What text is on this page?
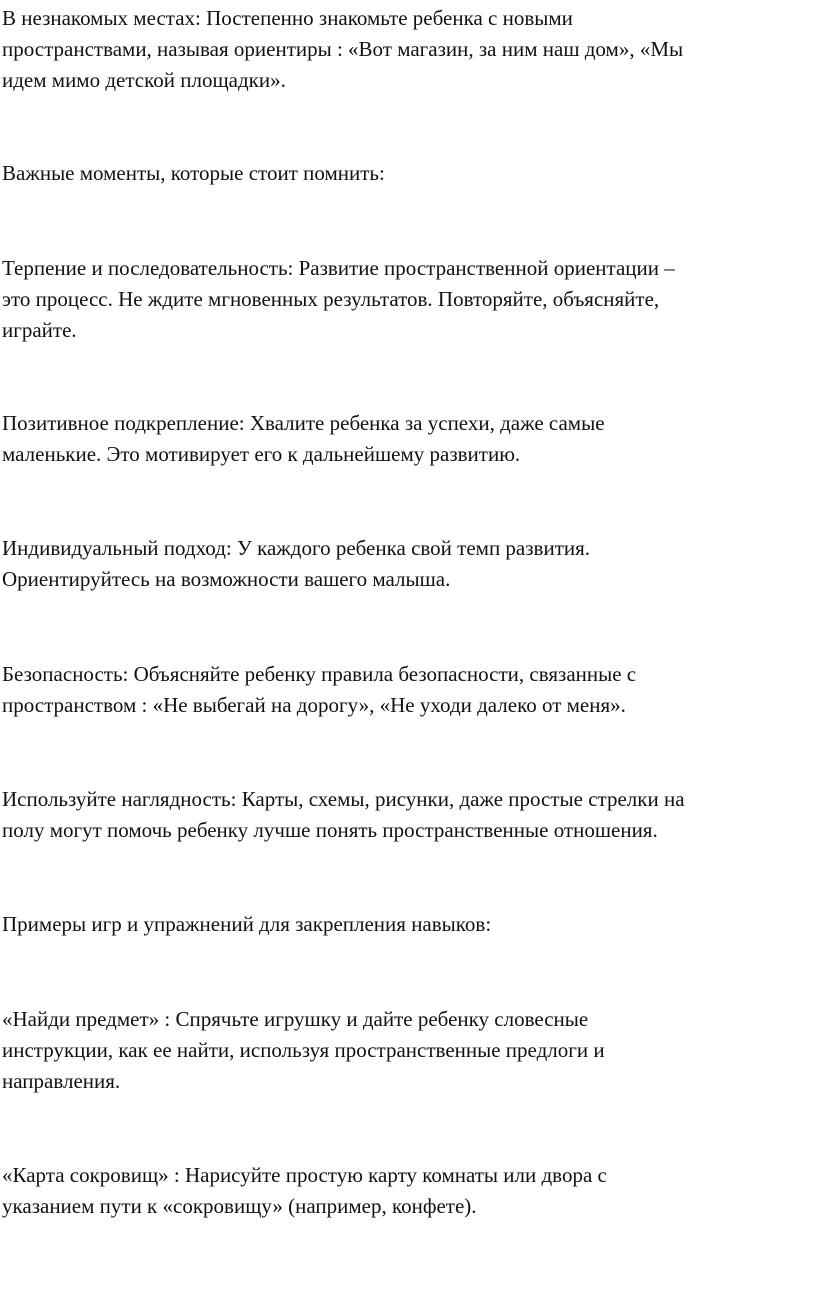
В незнакомых местах: Постепенно знакомьте ребенка с новыми
пространствами, называя ориентиры : «Вот магазин, за ним наш дом», «Мы
идем мимо детской площадки».

Важные моменты, которые стоит помнить:

Терпение и последовательность: Развитие пространственной ориентации –
это процесс. Не ждите мгновенных результатов. Повторяйте, объясняйте,
играйте.

Позитивное подкрепление: Хвалите ребенка за успехи, даже самые
маленькие. Это мотивирует его к дальнейшему развитию.

Индивидуальный подход: У каждого ребенка свой темп развития.
Ориентируйтесь на возможности вашего малыша.

Безопасность: Объясняйте ребенку правила безопасности, связанные с
пространством : «Не выбегай на дорогу», «Не уходи далеко от меня».

Используйте наглядность: Карты, схемы, рисунки, даже простые стрелки на
полу могут помочь ребенку лучше понять пространственные отношения.

Примеры игр и упражнений для закрепления навыков:

«Найди предмет» : Спрячьте игрушку и дайте ребенку словесные
инструкции, как ее найти, используя пространственные предлоги и
направления.

«Карта сокровищ» : Нарисуйте простую карту комнаты или двора с
указанием пути к «сокровищу» (например, конфете).
